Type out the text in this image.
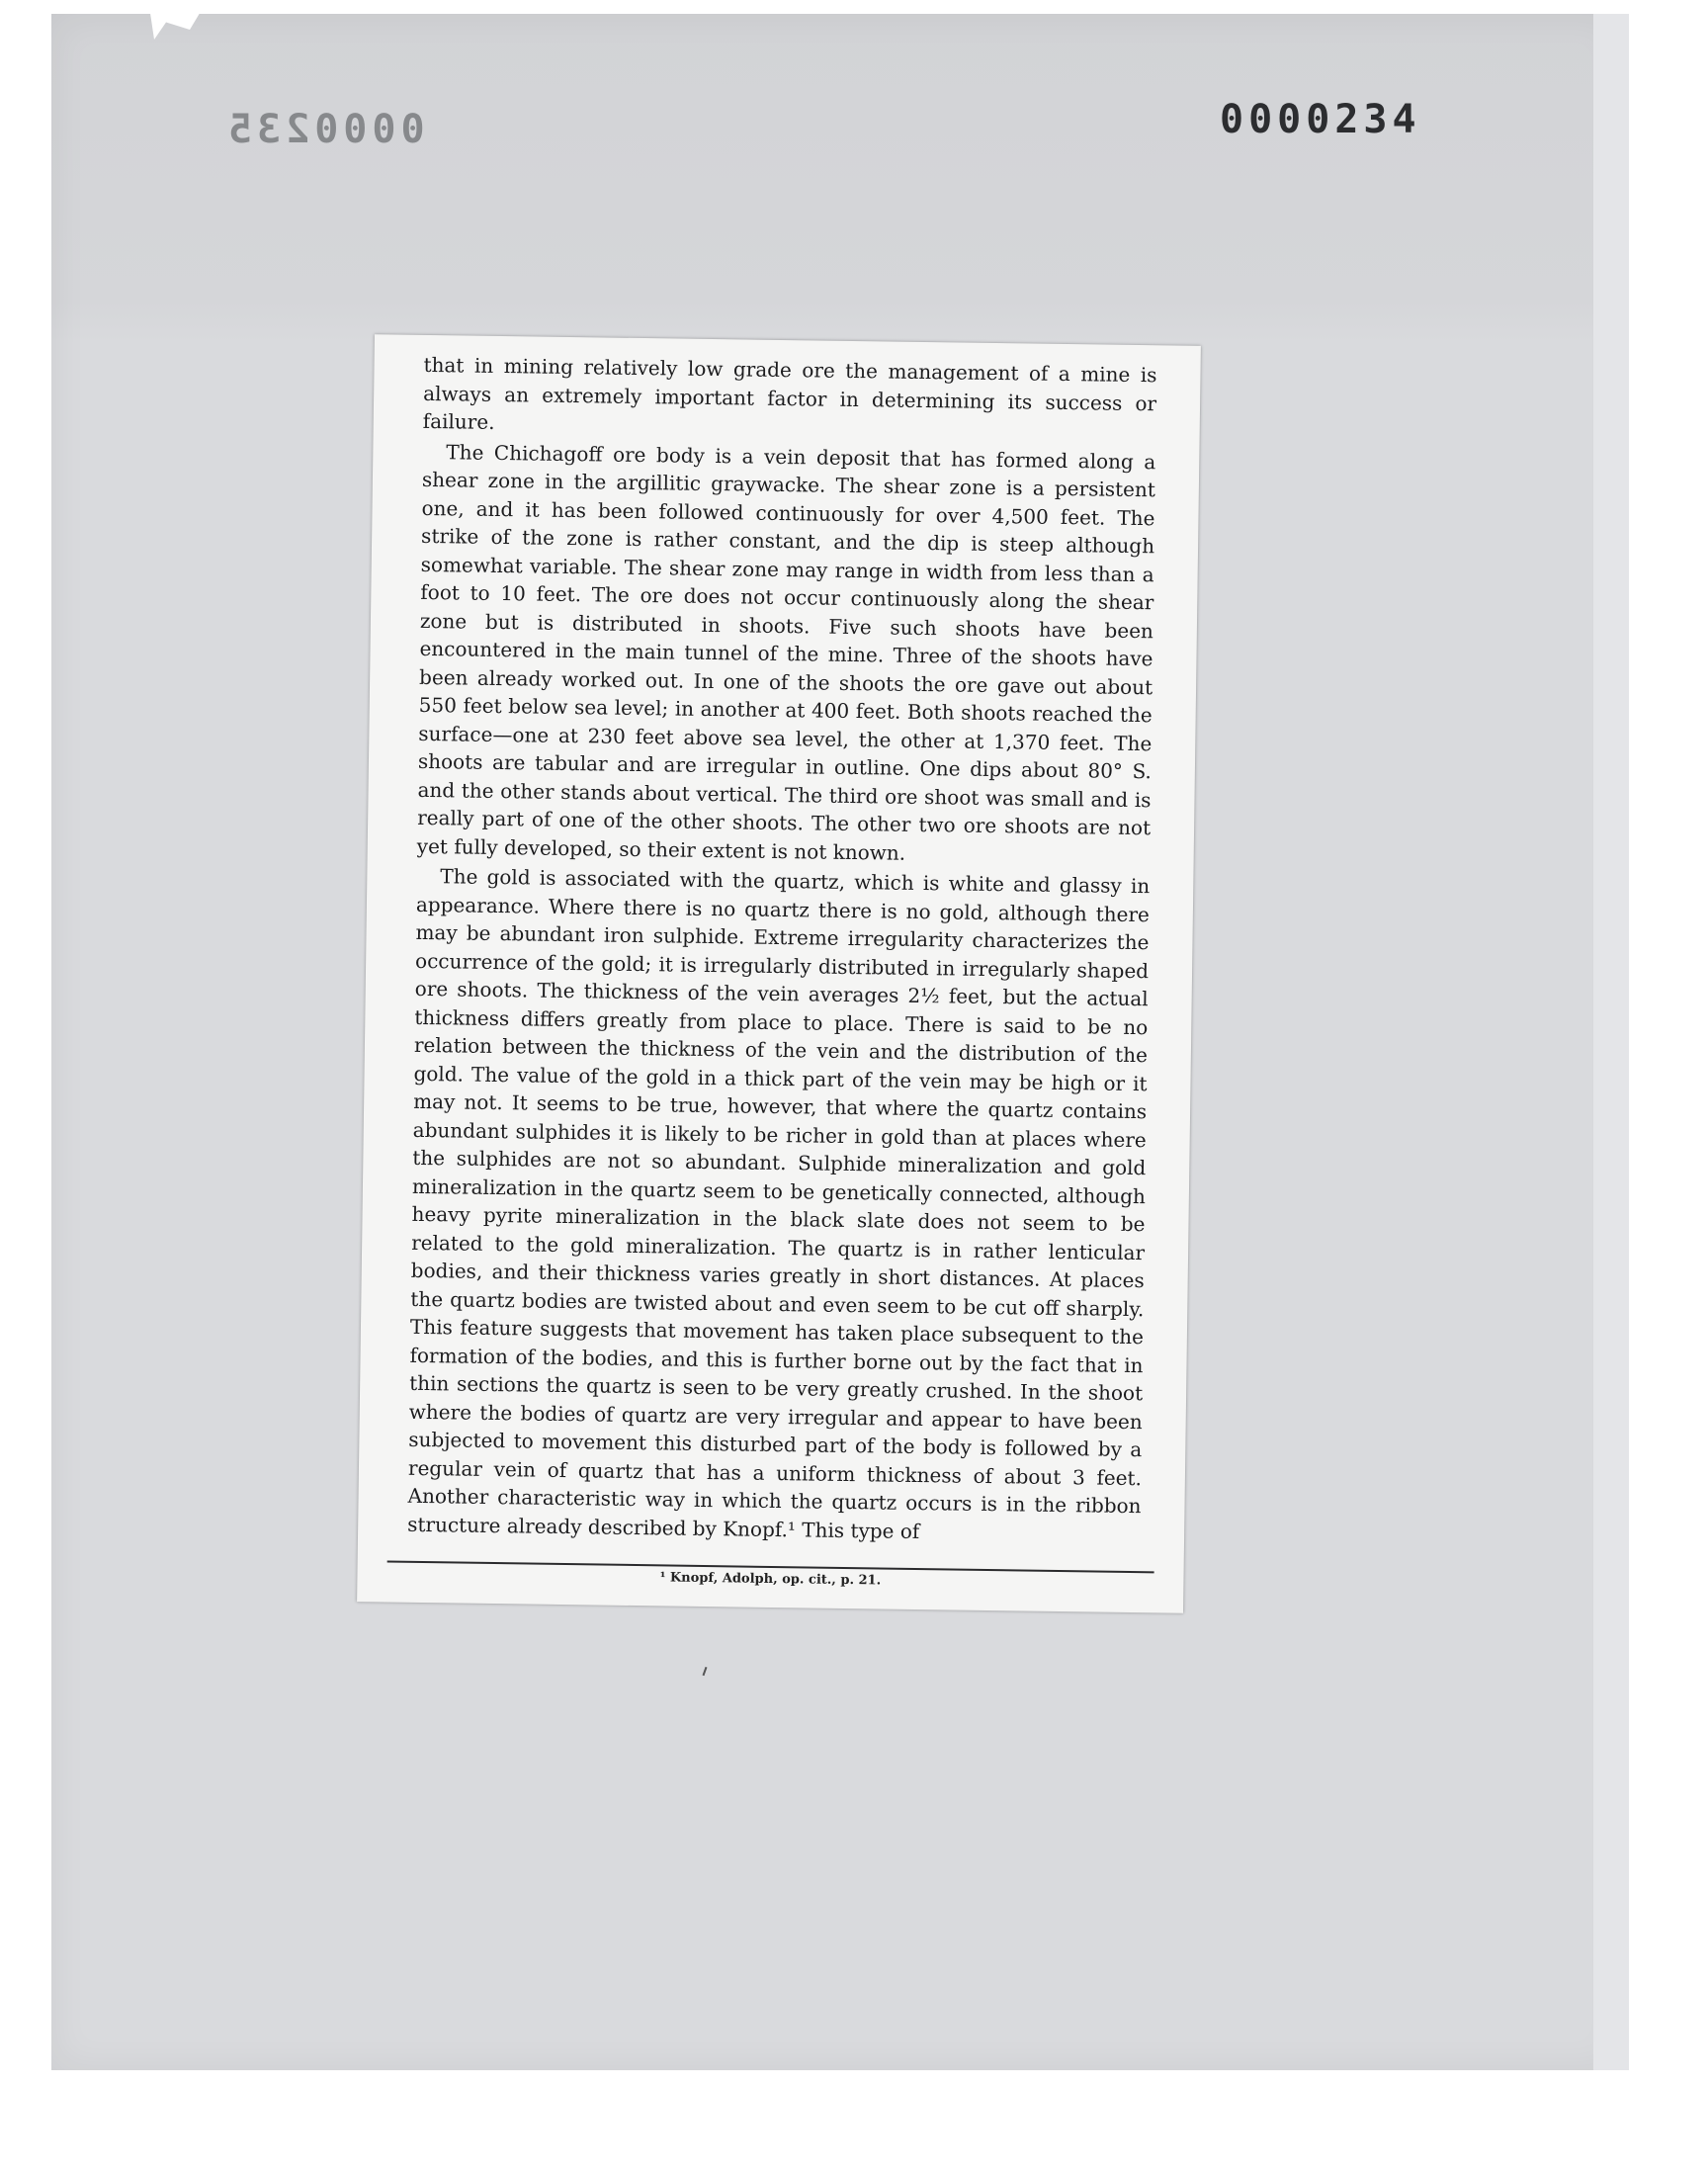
0000235	0000234

that in mining relatively low grade ore the management of a mine is always an extremely important factor in determining its success or failure.

The Chichagoff ore body is a vein deposit that has formed along a shear zone in the argillitic graywacke. The shear zone is a persistent one, and it has been followed continuously for over 4,500 feet. The strike of the zone is rather constant, and the dip is steep although somewhat variable. The shear zone may range in width from less than a foot to 10 feet. The ore does not occur continuously along the shear zone but is distributed in shoots. Five such shoots have been encountered in the main tunnel of the mine. Three of the shoots have been already worked out. In one of the shoots the ore gave out about 550 feet below sea level; in another at 400 feet. Both shoots reached the surface—one at 230 feet above sea level, the other at 1,370 feet. The shoots are tabular and are irregular in outline. One dips about 80° S. and the other stands about vertical. The third ore shoot was small and is really part of one of the other shoots. The other two ore shoots are not yet fully developed, so their extent is not known.

The gold is associated with the quartz, which is white and glassy in appearance. Where there is no quartz there is no gold, although there may be abundant iron sulphide. Extreme irregularity characterizes the occurrence of the gold; it is irregularly distributed in irregularly shaped ore shoots. The thickness of the vein averages 2½ feet, but the actual thickness differs greatly from place to place. There is said to be no relation between the thickness of the vein and the distribution of the gold. The value of the gold in a thick part of the vein may be high or it may not. It seems to be true, however, that where the quartz contains abundant sulphides it is likely to be richer in gold than at places where the sulphides are not so abundant. Sulphide mineralization and gold mineralization in the quartz seem to be genetically connected, although heavy pyrite mineralization in the black slate does not seem to be related to the gold mineralization. The quartz is in rather lenticular bodies, and their thickness varies greatly in short distances. At places the quartz bodies are twisted about and even seem to be cut off sharply. This feature suggests that movement has taken place subsequent to the formation of the bodies, and this is further borne out by the fact that in thin sections the quartz is seen to be very greatly crushed. In the shoot where the bodies of quartz are very irregular and appear to have been subjected to movement this disturbed part of the body is followed by a regular vein of quartz that has a uniform thickness of about 3 feet. Another characteristic way in which the quartz occurs is in the ribbon structure already described by Knopf.¹ This type of

¹ Knopf, Adolph, op. cit., p. 21.
